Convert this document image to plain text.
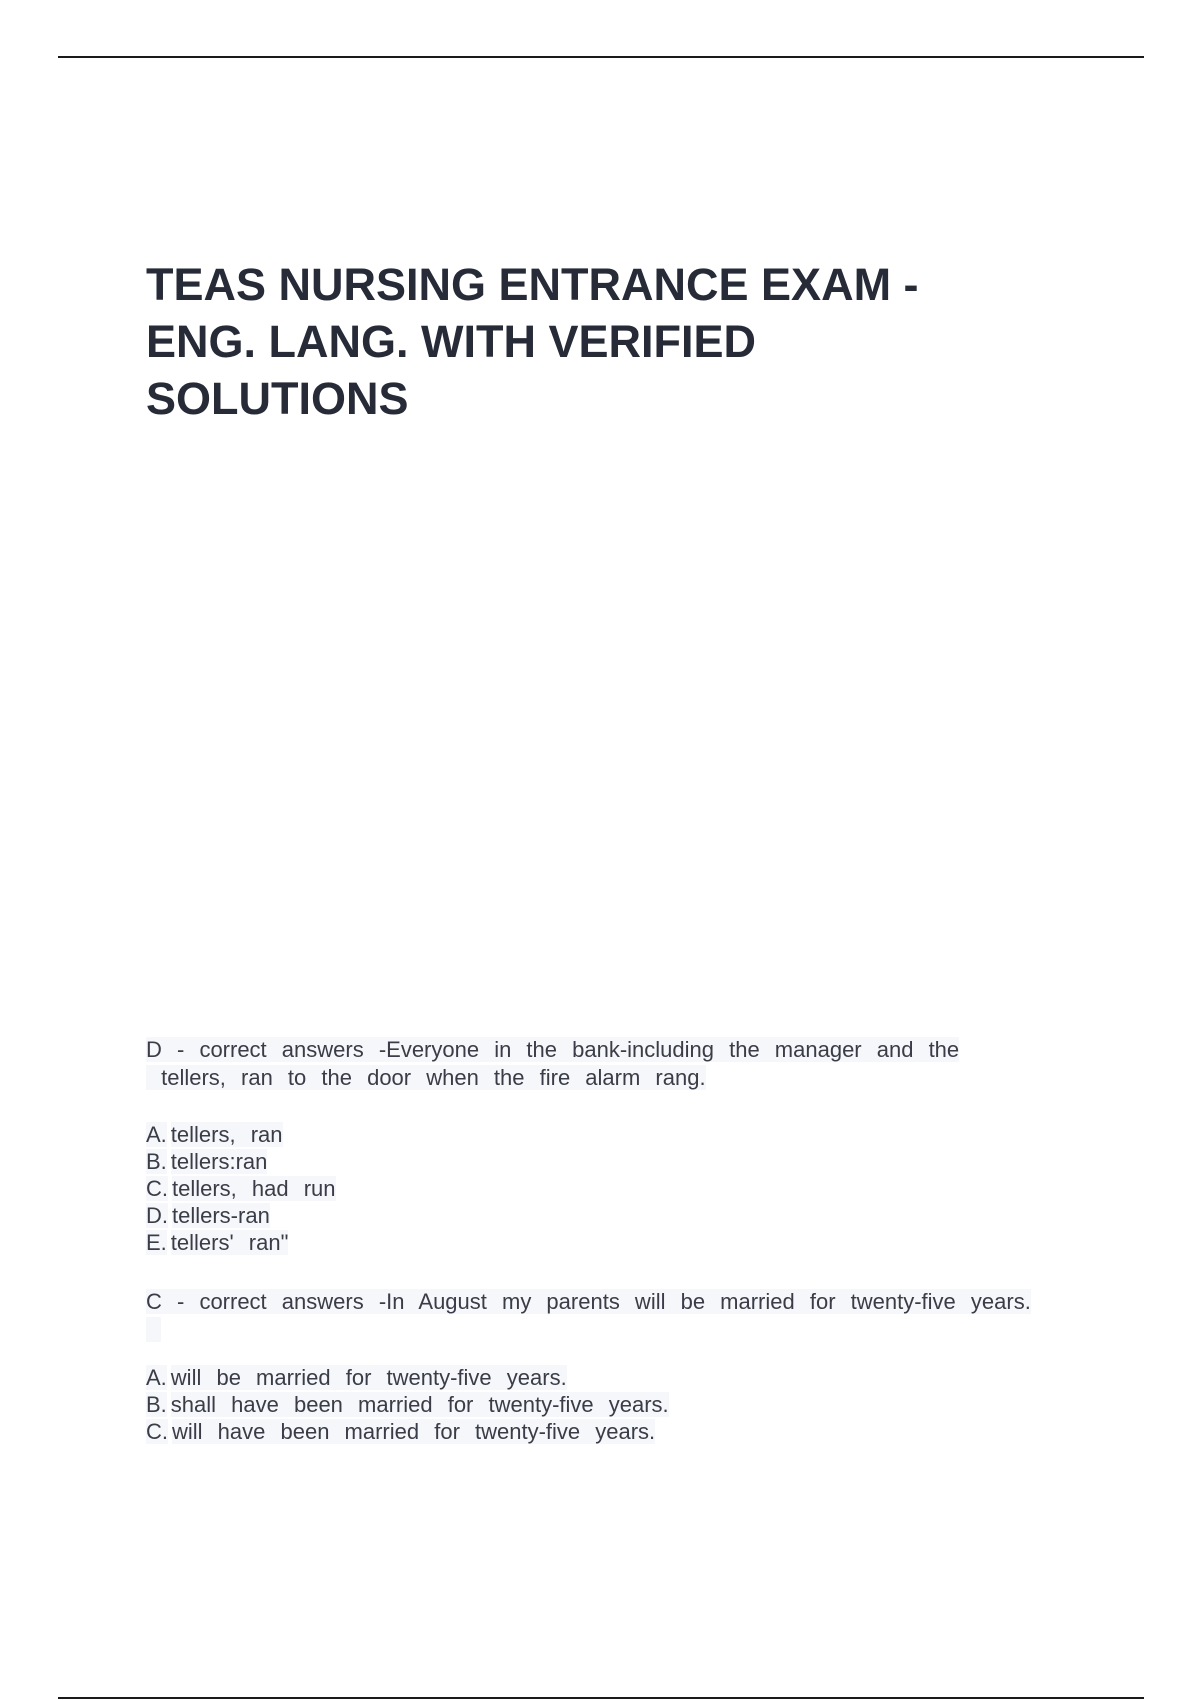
TEAS NURSING ENTRANCE EXAM -
ENG. LANG. WITH VERIFIED
SOLUTIONS
D - correct answers -Everyone in the bank-including the manager and the
tellers, ran to the door when the fire alarm rang.
A. tellers, ran
B. tellers:ran
C. tellers, had run
D. tellers-ran
E. tellers' ran"
C - correct answers -In August my parents will be married for twenty-five years.

A. will be married for twenty-five years.
B. shall have been married for twenty-five years.
C. will have been married for twenty-five years.
